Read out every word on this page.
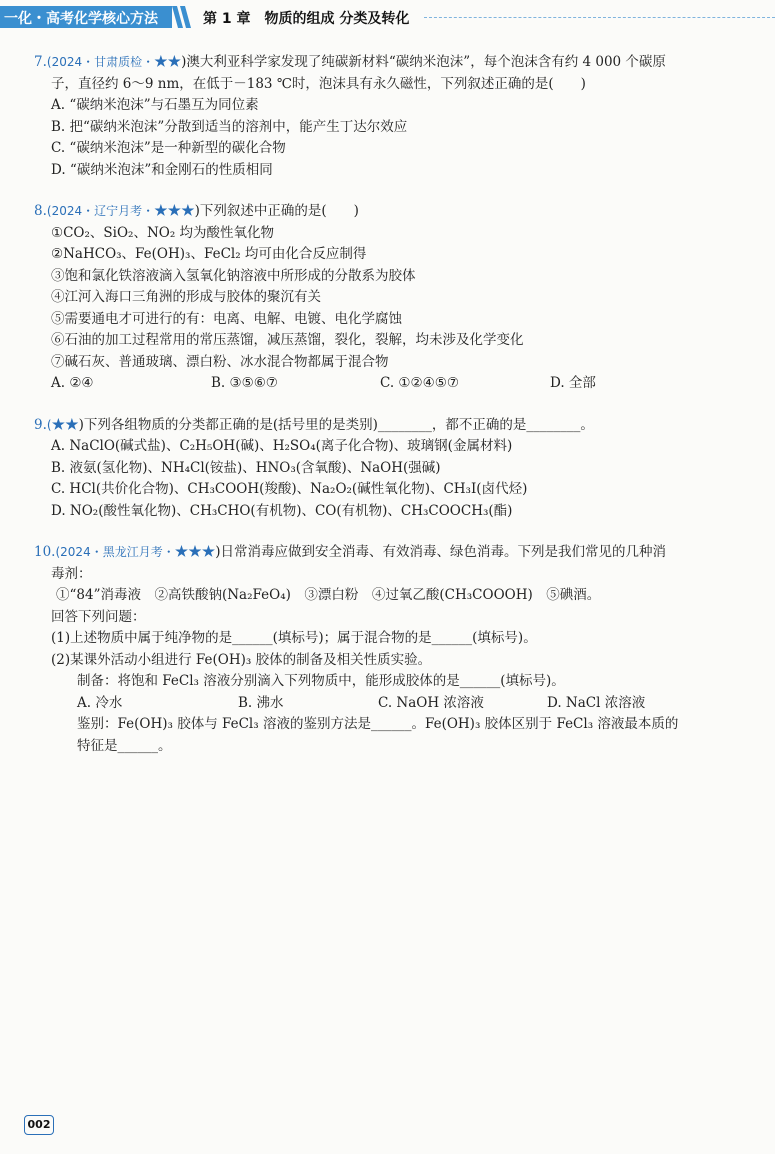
一化・高考化学核心方法	第 1 章　物质的组成 分类及转化
7.(2024・甘肃质检・★★)澳大利亚科学家发现了纯碳新材料“碳纳米泡沫”，每个泡沫含有约 4 000 个碳原
子，直径约 6～9 nm，在低于－183 ℃时，泡沫具有永久磁性，下列叙述正确的是(　　)
A. “碳纳米泡沫”与石墨互为同位素
B. 把“碳纳米泡沫”分散到适当的溶剂中，能产生丁达尔效应
C. “碳纳米泡沫”是一种新型的碳化合物
D. “碳纳米泡沫”和金刚石的性质相同
8.(2024・辽宁月考・★★★)下列叙述中正确的是(　　)
①CO₂、SiO₂、NO₂ 均为酸性氧化物
②NaHCO₃、Fe(OH)₃、FeCl₂ 均可由化合反应制得
③饱和氯化铁溶液滴入氢氧化钠溶液中所形成的分散系为胶体
④江河入海口三角洲的形成与胶体的聚沉有关
⑤需要通电才可进行的有：电离、电解、电镀、电化学腐蚀
⑥石油的加工过程常用的常压蒸馏，减压蒸馏，裂化，裂解，均未涉及化学变化
⑦碱石灰、普通玻璃、漂白粉、冰水混合物都属于混合物
A. ②④	B. ③⑤⑥⑦	C. ①②④⑤⑦	D. 全部
9.(★★)下列各组物质的分类都正确的是(括号里的是类别)________，都不正确的是________。
A. NaClO(碱式盐)、C₂H₅OH(碱)、H₂SO₄(离子化合物)、玻璃钢(金属材料)
B. 液氨(氢化物)、NH₄Cl(铵盐)、HNO₃(含氧酸)、NaOH(强碱)
C. HCl(共价化合物)、CH₃COOH(羧酸)、Na₂O₂(碱性氧化物)、CH₃I(卤代烃)
D. NO₂(酸性氧化物)、CH₃CHO(有机物)、CO(有机物)、CH₃COOCH₃(酯)
10.(2024・黑龙江月考・★★★)日常消毒应做到安全消毒、有效消毒、绿色消毒。下列是我们常见的几种消
毒剂：
①“84”消毒液　②高铁酸钠(Na₂FeO₄)　③漂白粉　④过氧乙酸(CH₃COOOH)　⑤碘酒。
回答下列问题：
(1)上述物质中属于纯净物的是______(填标号)；属于混合物的是______(填标号)。
(2)某课外活动小组进行 Fe(OH)₃ 胶体的制备及相关性质实验。
制备：将饱和 FeCl₃ 溶液分别滴入下列物质中，能形成胶体的是______(填标号)。
A. 冷水	B. 沸水	C. NaOH 浓溶液	D. NaCl 浓溶液
鉴别：Fe(OH)₃ 胶体与 FeCl₃ 溶液的鉴别方法是______。Fe(OH)₃ 胶体区别于 FeCl₃ 溶液最本质的
特征是______。
002
